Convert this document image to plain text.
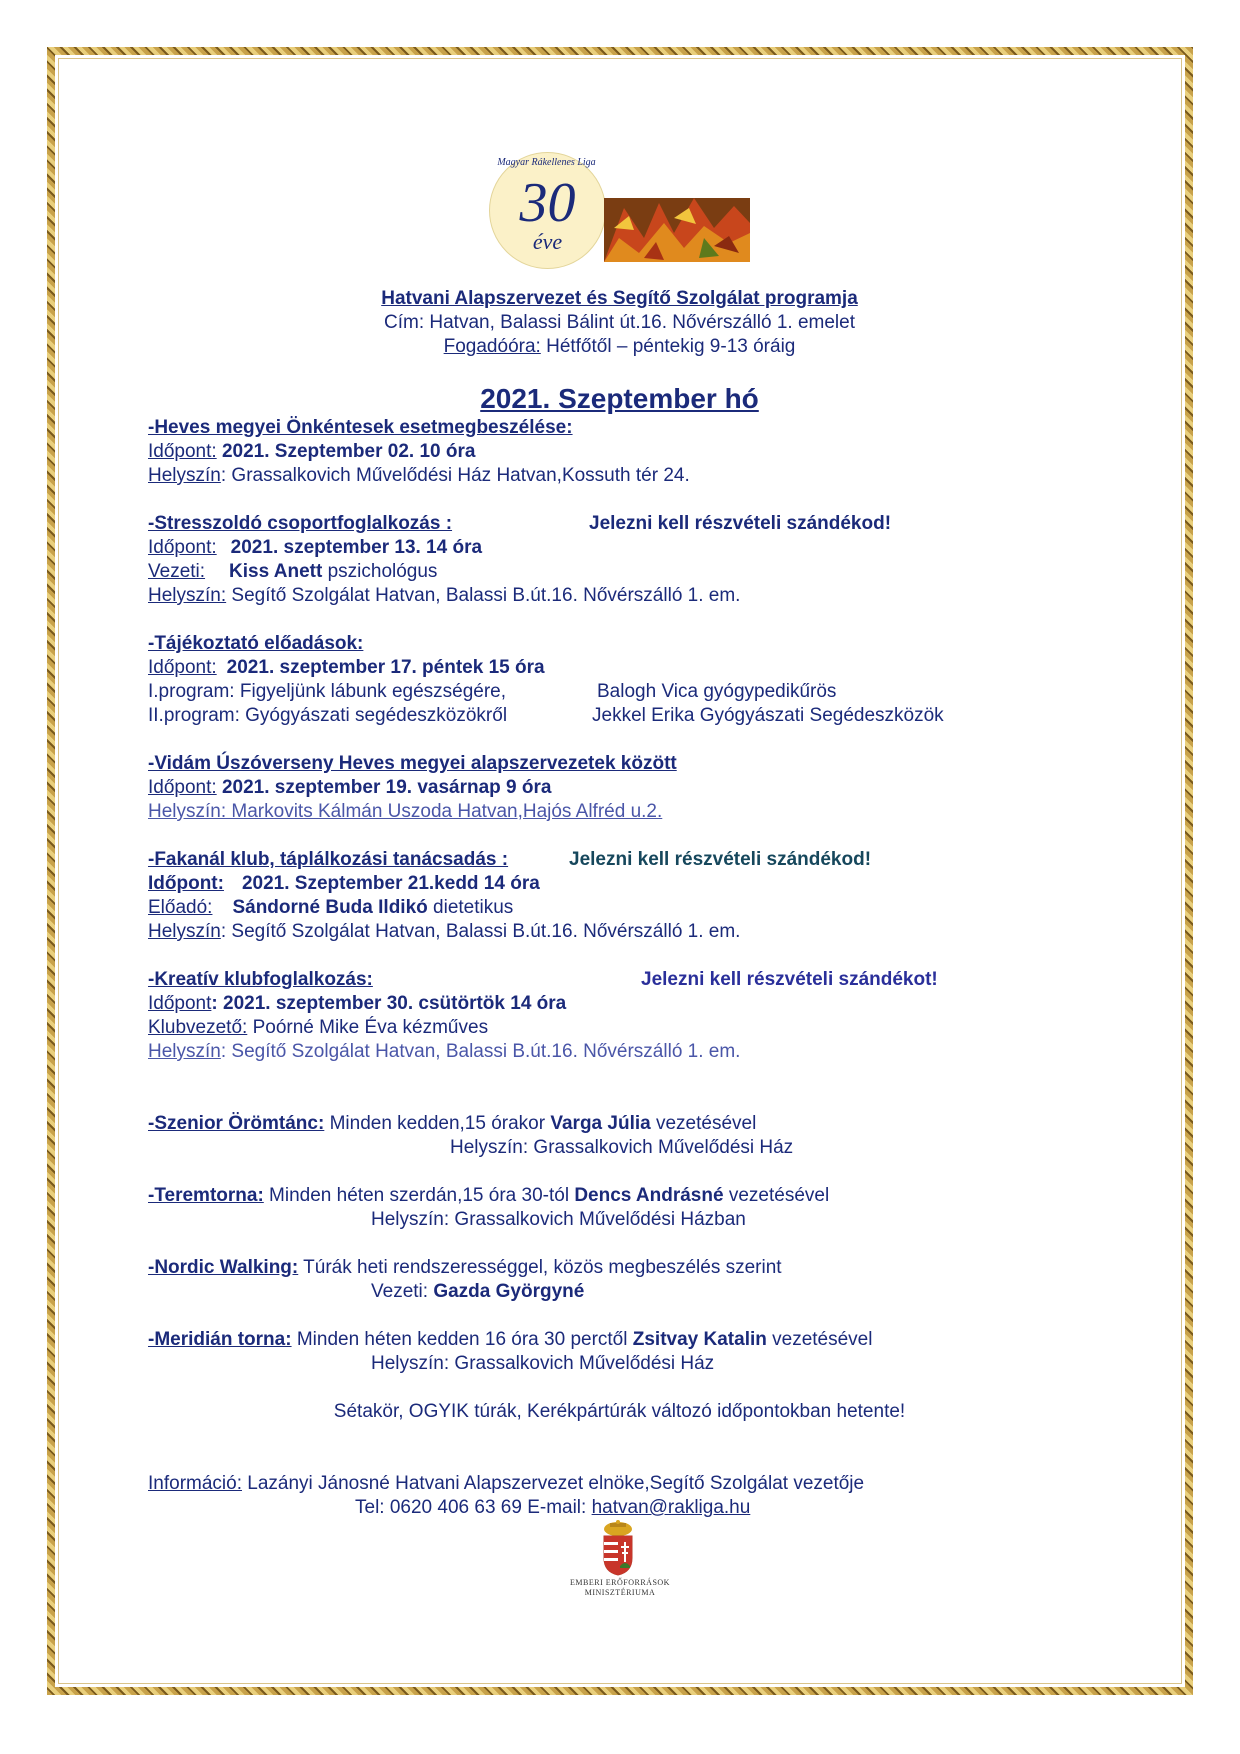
Magyar Rákellenes Liga
30
éve
Hatvani Alapszervezet és Segítő Szolgálat programja
Cím: Hatvan, Balassi Bálint út.16. Nővérszálló 1. emelet
Fogadóóra: Hétfőtől – péntekig 9-13 óráig
2021. Szeptember hó
-Heves megyei Önkéntesek esetmegbeszélése:
Időpont: 2021. Szeptember 02. 10 óra
Helyszín: Grassalkovich Művelődési Ház Hatvan,Kossuth tér 24.
-Stresszoldó csoportfoglalkozás :	Jelezni kell részvételi szándékod!
Időpont: 2021. szeptember 13. 14 óra
Vezeti: Kiss Anett pszichológus
Helyszín: Segítő Szolgálat Hatvan, Balassi B.út.16. Nővérszálló 1. em.
-Tájékoztató előadások:
Időpont: 2021. szeptember 17. péntek 15 óra
I.program: Figyeljünk lábunk egészségére,	Balogh Vica gyógypedikűrös
II.program: Gyógyászati segédeszközökről	Jekkel Erika Gyógyászati Segédeszközök
-Vidám Úszóverseny Heves megyei alapszervezetek között
Időpont: 2021. szeptember 19. vasárnap 9 óra
Helyszín: Markovits Kálmán Uszoda Hatvan,Hajós Alfréd u.2.
-Fakanál klub, táplálkozási tanácsadás :	Jelezni kell részvételi szándékod!
Időpont: 2021. Szeptember 21.kedd 14 óra
Előadó: Sándorné Buda Ildikó dietetikus
Helyszín: Segítő Szolgálat Hatvan, Balassi B.út.16. Nővérszálló 1. em.
-Kreatív klubfoglalkozás:	Jelezni kell részvételi szándékot!
Időpont: 2021. szeptember 30. csütörtök 14 óra
Klubvezető: Poórné Mike Éva kézműves
Helyszín: Segítő Szolgálat Hatvan, Balassi B.út.16. Nővérszálló 1. em.
-Szenior Örömtánc: Minden kedden,15 órakor Varga Júlia vezetésével
Helyszín: Grassalkovich Művelődési Ház
-Teremtorna: Minden héten szerdán,15 óra 30-tól Dencs Andrásné vezetésével
Helyszín: Grassalkovich Művelődési Házban
-Nordic Walking: Túrák heti rendszerességgel, közös megbeszélés szerint
Vezeti: Gazda Györgyné
-Meridián torna: Minden héten kedden 16 óra 30 perctől Zsitvay Katalin vezetésével
Helyszín: Grassalkovich Művelődési Ház
Sétakör, OGYIK túrák, Kerékpártúrák változó időpontokban hetente!
Információ: Lazányi Jánosné Hatvani Alapszervezet elnöke,Segítő Szolgálat vezetője
Tel: 0620 406 63 69 E-mail: hatvan@rakliga.hu
EMBERI ERŐFORRÁSOK
MINISZTÉRIUMA
